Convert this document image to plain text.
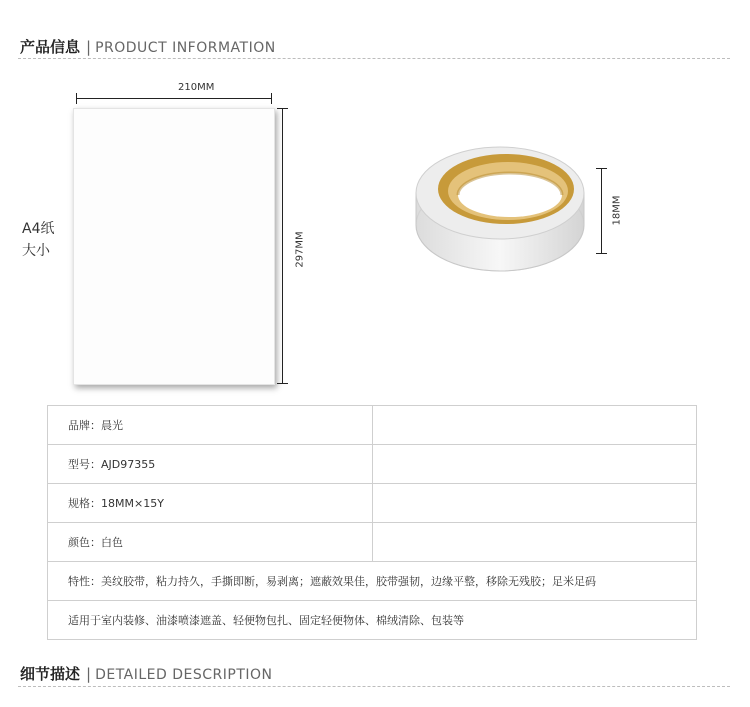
产品信息 | PRODUCT INFORMATION
A4纸
大小
210MM
297MM
18MM
品牌：晨光
型号：AJD97355
规格：18MM×15Y
颜色：白色
特性：美纹胶带，粘力持久，手撕即断，易剥离；遮蔽效果佳，胶带强韧，边缘平整，移除无残胶；足米足码
适用于室内装修、油漆喷漆遮盖、轻便物包扎、固定轻便物体、棉绒清除、包装等
细节描述 | DETAILED DESCRIPTION
